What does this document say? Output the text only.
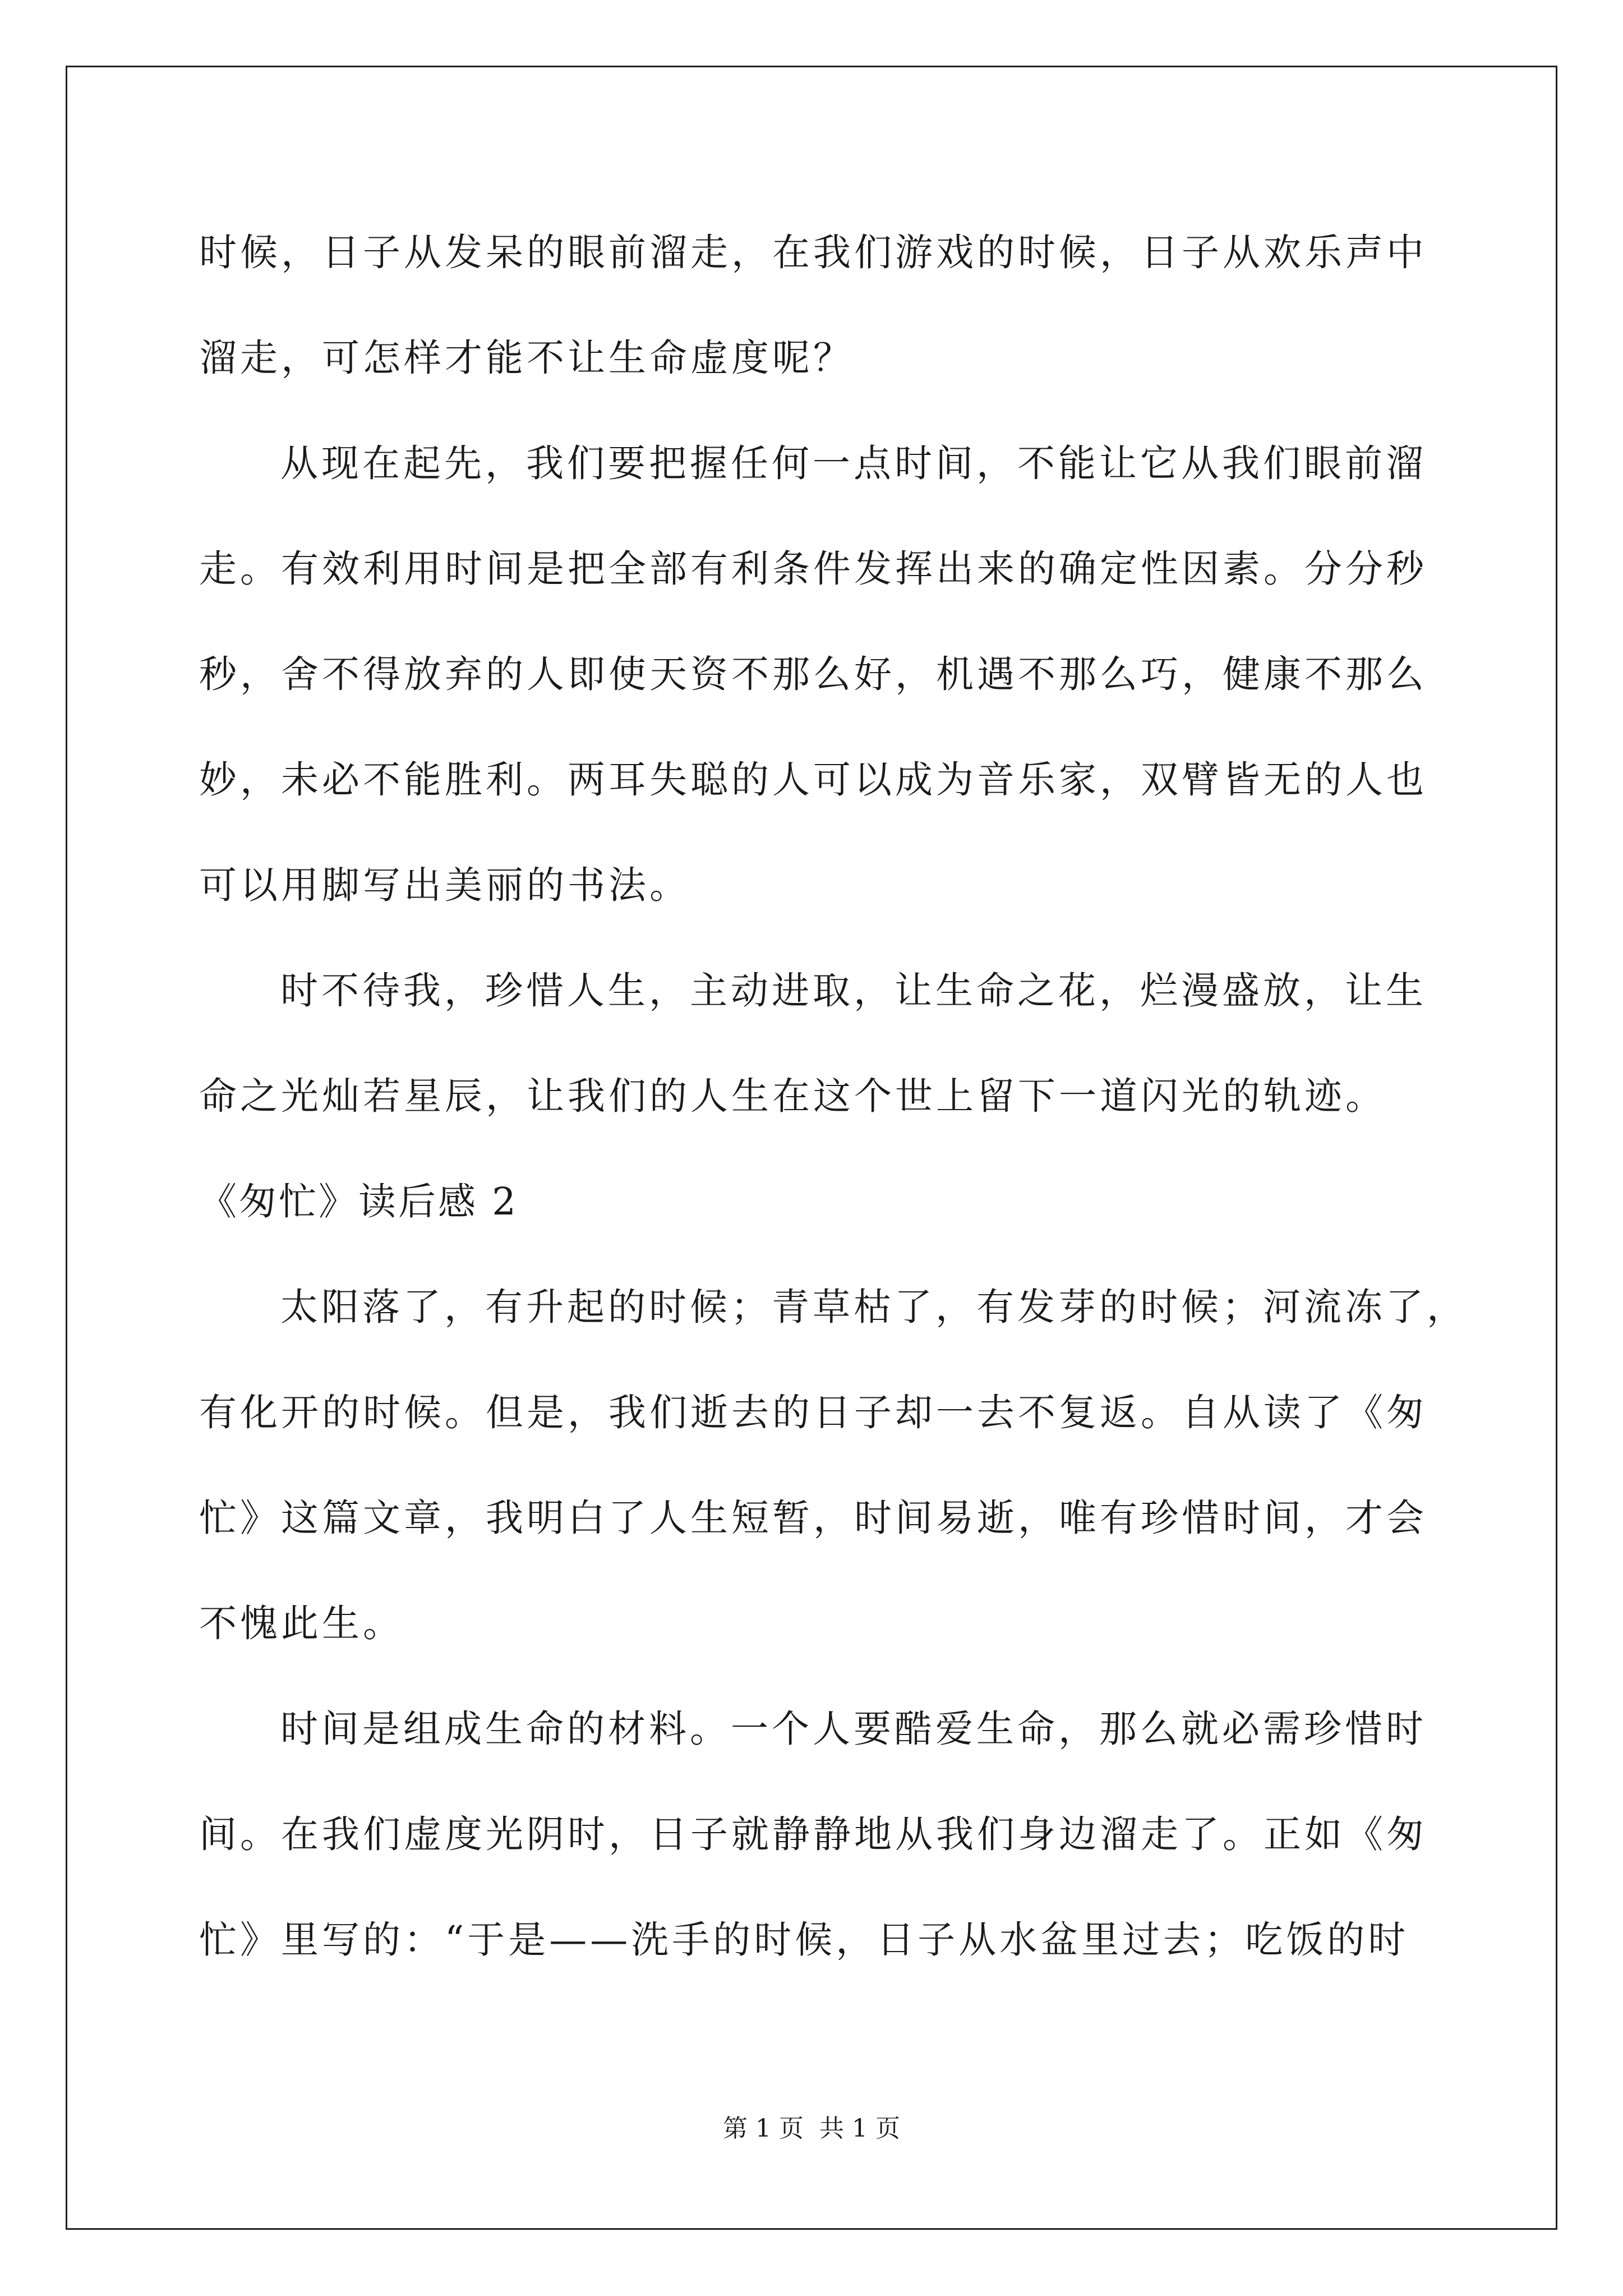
时候，日子从发呆的眼前溜走，在我们游戏的时候，日子从欢乐声中
溜走，可怎样才能不让生命虚度呢？
从现在起先，我们要把握任何一点时间，不能让它从我们眼前溜
走。有效利用时间是把全部有利条件发挥出来的确定性因素。分分秒
秒，舍不得放弃的人即使天资不那么好，机遇不那么巧，健康不那么
妙，未必不能胜利。两耳失聪的人可以成为音乐家，双臂皆无的人也
可以用脚写出美丽的书法。
时不待我，珍惜人生，主动进取，让生命之花，烂漫盛放，让生
命之光灿若星辰，让我们的人生在这个世上留下一道闪光的轨迹。
《匆忙》读后感 2
太阳落了，有升起的时候；青草枯了，有发芽的时候；河流冻了，
有化开的时候。但是，我们逝去的日子却一去不复返。自从读了《匆
忙》这篇文章，我明白了人生短暂，时间易逝，唯有珍惜时间，才会
不愧此生。
时间是组成生命的材料。一个人要酷爱生命，那么就必需珍惜时
间。在我们虚度光阴时，日子就静静地从我们身边溜走了。正如《匆
忙》里写的：“于是——洗手的时候，日子从水盆里过去；吃饭的时
第 1 页 共 1 页
